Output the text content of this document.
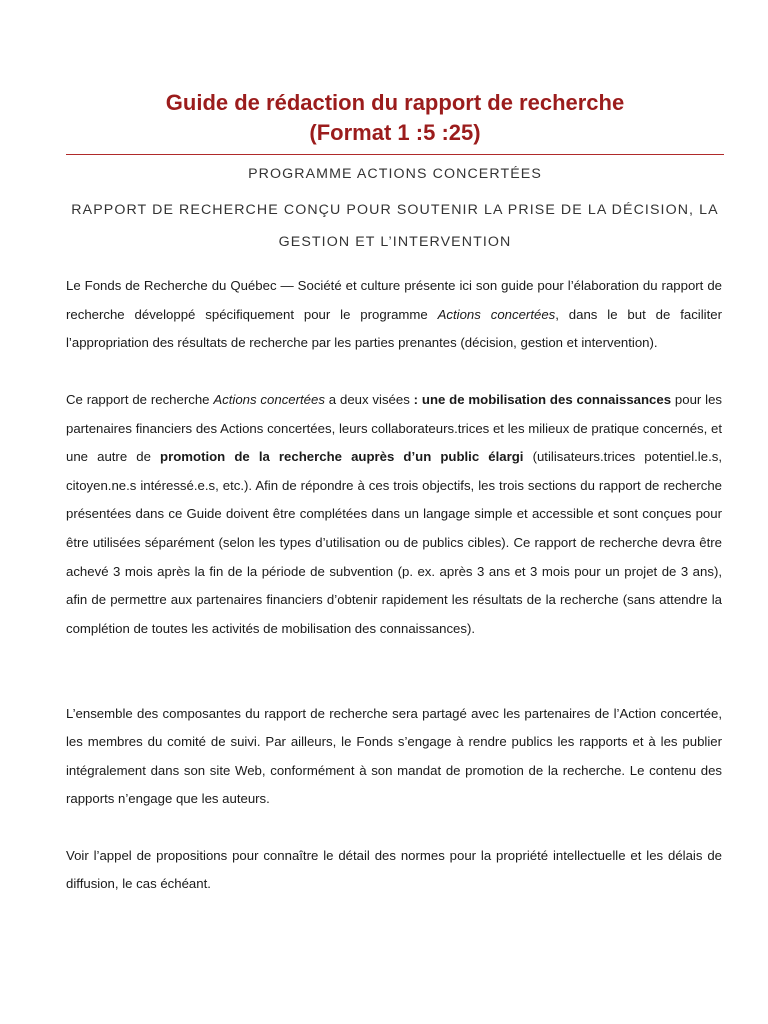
Guide de rédaction du rapport de recherche
(Format 1 :5 :25)
PROGRAMME ACTIONS CONCERTÉES
RAPPORT DE RECHERCHE CONÇU POUR SOUTENIR LA PRISE DE LA DÉCISION, LA GESTION ET L’INTERVENTION

Le Fonds de Recherche du Québec — Société et culture présente ici son guide pour l’élaboration du rapport de recherche développé spécifiquement pour le programme Actions concertées, dans le but de faciliter l’appropriation des résultats de recherche par les parties prenantes (décision, gestion et intervention).

Ce rapport de recherche Actions concertées a deux visées : une de mobilisation des connaissances pour les partenaires financiers des Actions concertées, leurs collaborateurs.trices et les milieux de pratique concernés, et une autre de promotion de la recherche auprès d’un public élargi (utilisateurs.trices potentiel.le.s, citoyen.ne.s intéressé.e.s, etc.). Afin de répondre à ces trois objectifs, les trois sections du rapport de recherche présentées dans ce Guide doivent être complétées dans un langage simple et accessible et sont conçues pour être utilisées séparément (selon les types d’utilisation ou de publics cibles). Ce rapport de recherche devra être achevé 3 mois après la fin de la période de subvention (p. ex. après 3 ans et 3 mois pour un projet de 3 ans), afin de permettre aux partenaires financiers d’obtenir rapidement les résultats de la recherche (sans attendre la complétion de toutes les activités de mobilisation des connaissances).

L’ensemble des composantes du rapport de recherche sera partagé avec les partenaires de l’Action concertée, les membres du comité de suivi. Par ailleurs, le Fonds s’engage à rendre publics les rapports et à les publier intégralement dans son site Web, conformément à son mandat de promotion de la recherche. Le contenu des rapports n’engage que les auteurs.

Voir l’appel de propositions pour connaître le détail des normes pour la propriété intellectuelle et les délais de diffusion, le cas échéant.
